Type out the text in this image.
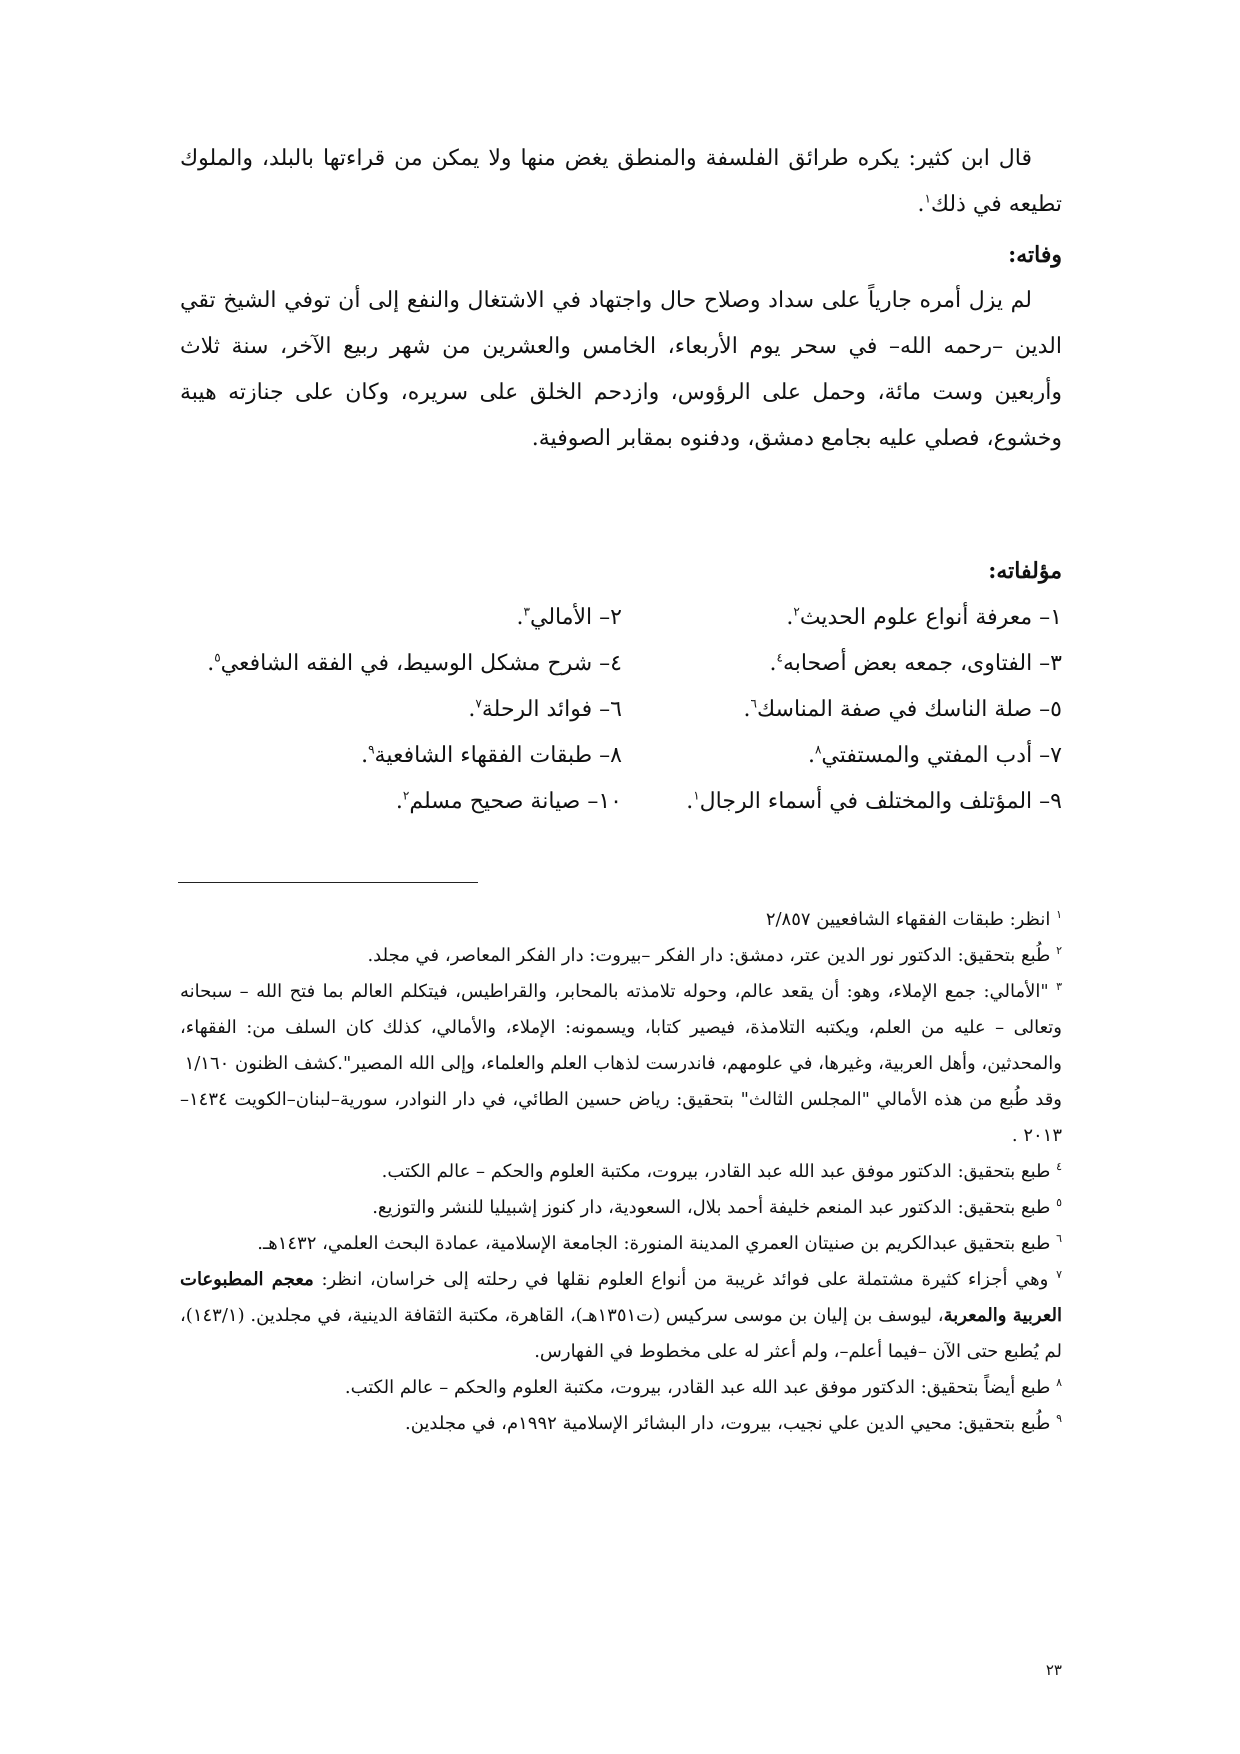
قال ابن كثير: يكره طرائق الفلسفة والمنطق يغض منها ولا يمكن من قراءتها بالبلد، والملوك تطيعه في ذلك$^١$.

وفاته:

لم يزل أمره جارياً على سداد وصلاح حال واجتهاد في الاشتغال والنفع إلى أن توفي الشيخ تقي الدين –رحمه الله– في سحر يوم الأربعاء، الخامس والعشرين من شهر ربيع الآخر، سنة ثلاث وأربعين وست مائة، وحمل على الرؤوس، وازدحم الخلق على سريره، وكان على جنازته هيبة وخشوع، فصلي عليه بجامع دمشق، ودفنوه بمقابر الصوفية.

مؤلفاته:

١– معرفة أنواع علوم الحديث$^٢$.
٢– الأمالي$^٣$.
٣– الفتاوى، جمعه بعض أصحابه$^٤$.
٤– شرح مشكل الوسيط، في الفقه الشافعي$^٥$.
٥– صلة الناسك في صفة المناسك$^٦$.
٦– فوائد الرحلة$^٧$.
٧– أدب المفتي والمستفتي$^٨$.
٨– طبقات الفقهاء الشافعية$^٩$.
٩– المؤتلف والمختلف في أسماء الرجال$^١$.
١٠– صيانة صحيح مسلم$^٢$.

$^١$ انظر: طبقات الفقهاء الشافعيين ٢/٨٥٧

$^٢$ طُبع بتحقيق: الدكتور نور الدين عتر، دمشق: دار الفكر –بيروت: دار الفكر المعاصر، في مجلد.

$^٣$ "الأمالي: جمع الإملاء، وهو: أن يقعد عالم، وحوله تلامذته بالمحابر، والقراطيس، فيتكلم العالم بما فتح الله – سبحانه وتعالى – عليه من العلم، ويكتبه التلامذة، فيصير كتابا، ويسمونه: الإملاء، والأمالي، كذلك كان السلف من: الفقهاء، والمحدثين، وأهل العربية، وغيرها، في علومهم، فاندرست لذهاب العلم والعلماء، وإلى الله المصير".كشف الظنون ١/١٦٠

وقد طُبع من هذه الأمالي "المجلس الثالث" بتحقيق: رياض حسين الطائي، في دار النوادر، سورية–لبنان–الكويت ١٤٣٤– ٢٠١٣ .

$^٤$ طبع بتحقيق: الدكتور موفق عبد الله عبد القادر، بيروت، مكتبة العلوم والحكم – عالم الكتب.

$^٥$ طبع بتحقيق: الدكتور عبد المنعم خليفة أحمد بلال، السعودية، دار كنوز إشبيليا للنشر والتوزيع.

$^٦$ طبع بتحقيق عبدالكريم بن صنيتان العمري المدينة المنورة: الجامعة الإسلامية، عمادة البحث العلمي، ١٤٣٢هـ.

$^٧$ وهي أجزاء كثيرة مشتملة على فوائد غريبة من أنواع العلوم نقلها في رحلته إلى خراسان، انظر: معجم المطبوعات العربية والمعربة، ليوسف بن إليان بن موسى سركيس (ت١٣٥١هـ)، القاهرة، مكتبة الثقافة الدينية، في مجلدين. (١٤٣/١)، لم يُطبع حتى الآن –فيما أعلم–، ولم أعثر له على مخطوط في الفهارس.

$^٨$ طبع أيضاً بتحقيق: الدكتور موفق عبد الله عبد القادر، بيروت، مكتبة العلوم والحكم – عالم الكتب.

$^٩$ طُبع بتحقيق: محيي الدين علي نجيب، بيروت، دار البشائر الإسلامية ١٩٩٢م، في مجلدين.

٢٣
